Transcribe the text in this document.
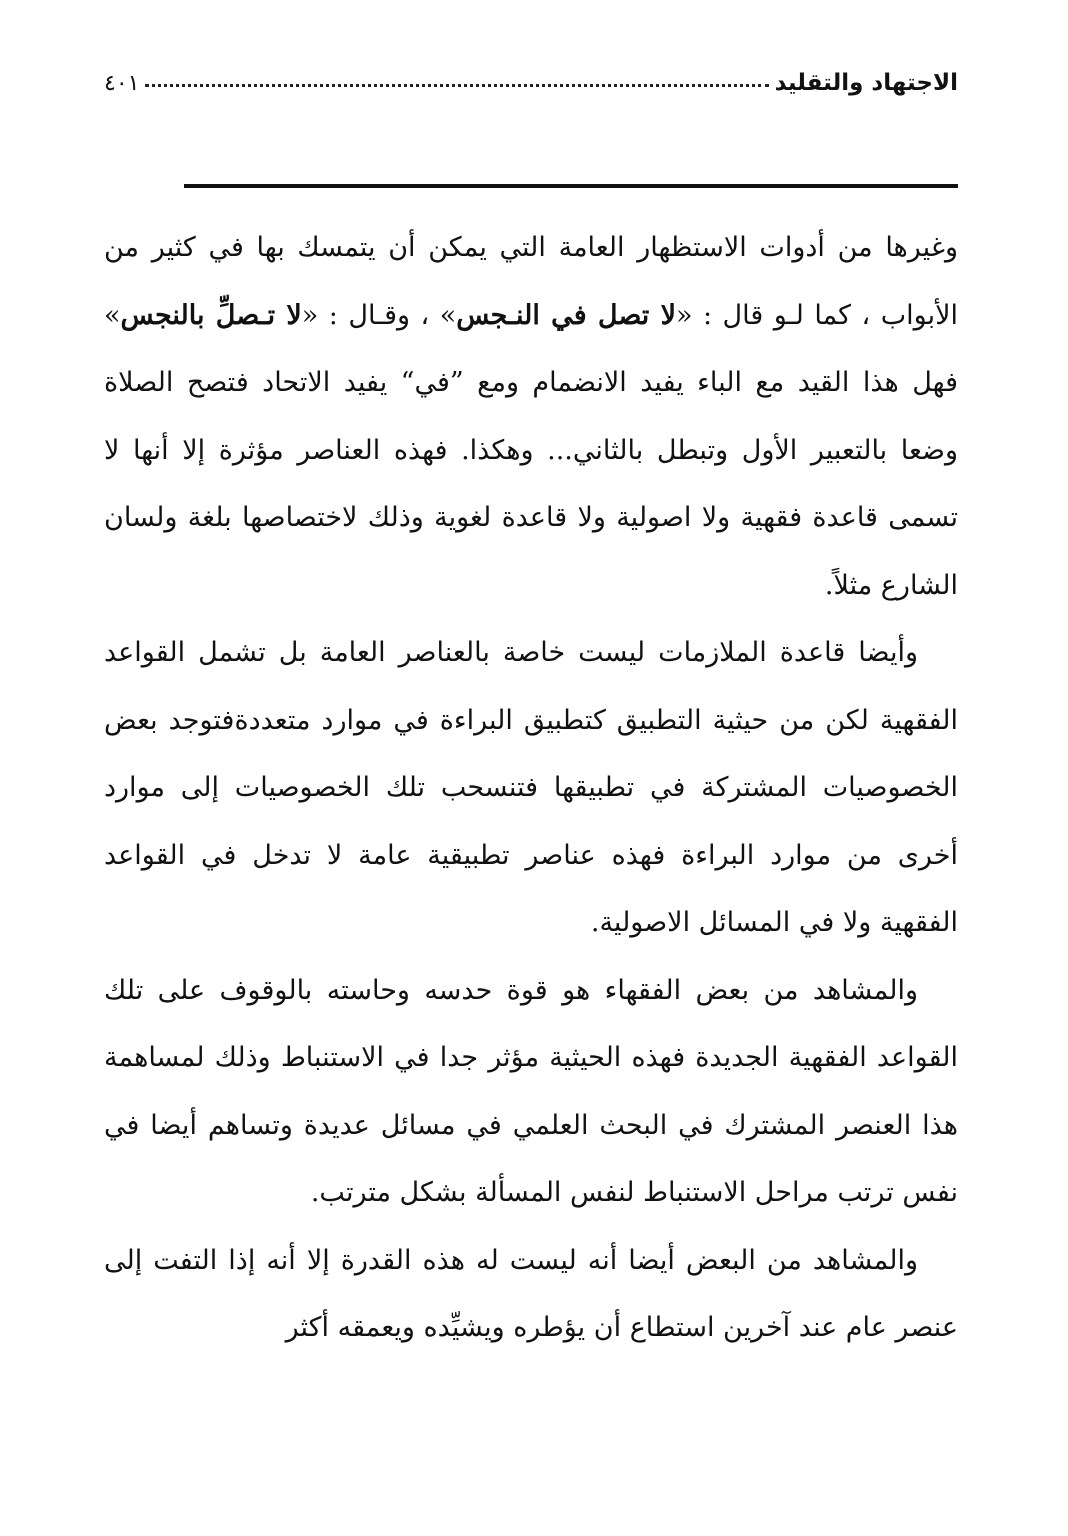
الاجتهاد والتقليد
٤٠١

وغيرها من أدوات الاستظهار العامة التي يمكن أن يتمسك بها في كثير من الأبواب ، كما لـو قال : «لا تصل في النـجس» ، وقـال : «لا تـصلِّ بالنجس» فهل هذا القيد مع الباء يفيد الانضمام ومع ”في“ يفيد الاتحاد فتصح الصلاة وضعا بالتعبير الأول وتبطل بالثاني... وهكذا. فهذه العناصر مؤثرة إلا أنها لا تسمى قاعدة فقهية ولا اصولية ولا قاعدة لغوية وذلك لاختصاصها بلغة ولسان الشارع مثلاً.

وأيضا قاعدة الملازمات ليست خاصة بالعناصر العامة بل تشمل القواعد الفقهية لكن من حيثية التطبيق كتطبيق البراءة في موارد متعددةفتوجد بعض الخصوصيات المشتركة في تطبيقها فتنسحب تلك الخصوصيات إلى موارد أخرى من موارد البراءة فهذه عناصر تطبيقية عامة لا تدخل في القواعد الفقهية ولا في المسائل الاصولية.

والمشاهد من بعض الفقهاء هو قوة حدسه وحاسته بالوقوف على تلك القواعد الفقهية الجديدة فهذه الحيثية مؤثر جدا في الاستنباط وذلك لمساهمة هذا العنصر المشترك في البحث العلمي في مسائل عديدة وتساهم أيضا في نفس ترتب مراحل الاستنباط لنفس المسألة بشكل مترتب.

والمشاهد من البعض أيضا أنه ليست له هذه القدرة إلا أنه إذا التفت إلى عنصر عام عند آخرين استطاع أن يؤطره ويشيِّده ويعمقه أكثر
